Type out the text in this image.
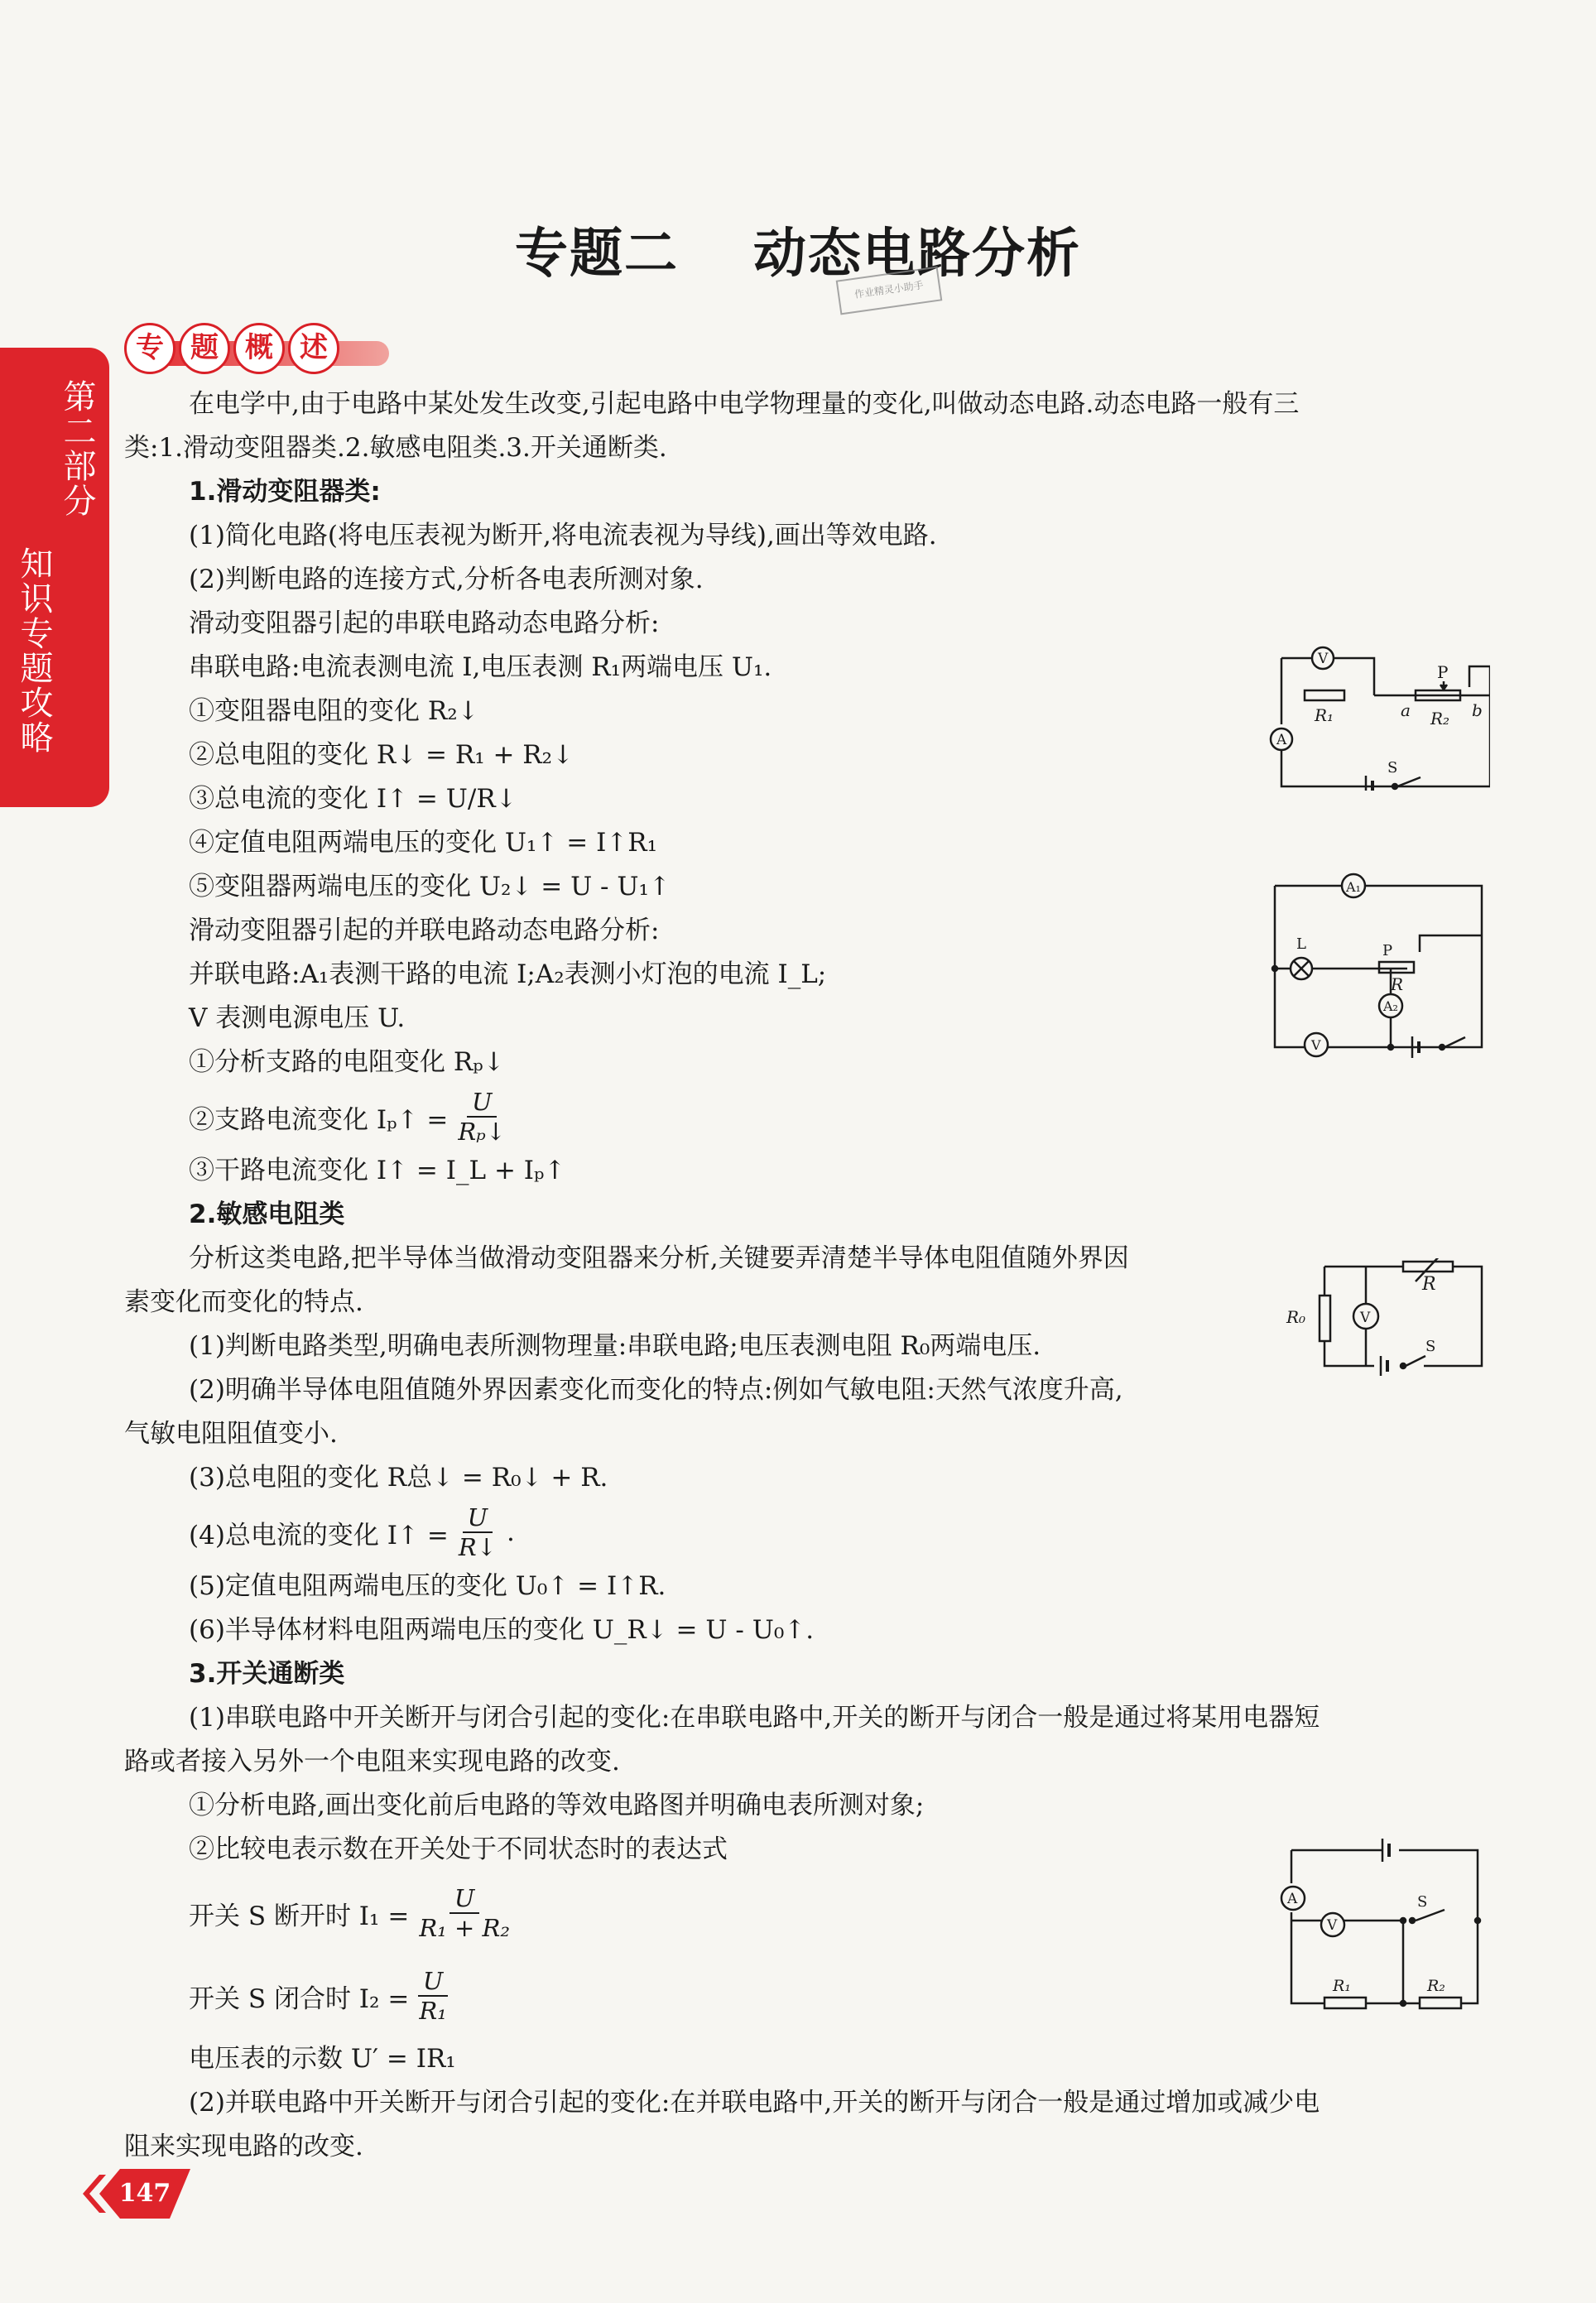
专题二 动态电路分析
作业精灵小助手
第二部分
知识专题攻略
专 题 概 述
在电学中,由于电路中某处发生改变,引起电路中电学物理量的变化,叫做动态电路.动态电路一般有三
类:1.滑动变阻器类.2.敏感电阻类.3.开关通断类.
1.滑动变阻器类:
(1)简化电路(将电压表视为断开,将电流表视为导线),画出等效电路.
(2)判断电路的连接方式,分析各电表所测对象.
滑动变阻器引起的串联电路动态电路分析:
串联电路:电流表测电流 I,电压表测 R₁两端电压 U₁.
①变阻器电阻的变化 R₂↓
②总电阻的变化 R↓ = R₁ + R₂↓
③总电流的变化 I↑ = U/R↓
④定值电阻两端电压的变化 U₁↑ = I↑R₁
⑤变阻器两端电压的变化 U₂↓ = U - U₁↑
滑动变阻器引起的并联电路动态电路分析:
并联电路:A₁表测干路的电流 I;A₂表测小灯泡的电流 I_L;
V 表测电源电压 U.
①分析支路的电阻变化 Rₚ↓
②支路电流变化 Iₚ↑ = $\frac{U}{\text{Rₚ↓}}$
③干路电流变化 I↑ = I_L + Iₚ↑
2.敏感电阻类
分析这类电路,把半导体当做滑动变阻器来分析,关键要弄清楚半导体电阻值随外界因
素变化而变化的特点.
(1)判断电路类型,明确电表所测物理量:串联电路;电压表测电阻 R₀两端电压.
(2)明确半导体电阻值随外界因素变化而变化的特点:例如气敏电阻:天然气浓度升高,
气敏电阻阻值变小.
(3)总电阻的变化 R总↓ = R₀↓ + R.
(4)总电流的变化 I↑ = $\frac{U}{R↓}$ .
(5)定值电阻两端电压的变化 U₀↑ = I↑R.
(6)半导体材料电阻两端电压的变化 U_R↓ = U - U₀↑.
3.开关通断类
(1)串联电路中开关断开与闭合引起的变化:在串联电路中,开关的断开与闭合一般是通过将某用电器短
路或者接入另外一个电阻来实现电路的改变.
①分析电路,画出变化前后电路的等效电路图并明确电表所测对象;
②比较电表示数在开关处于不同状态时的表达式
开关 S 断开时 $I_1 = \frac{U}{\text{R₁ + R₂}}$
开关 S 闭合时 $I_2 = \frac{U}{\text{R₁}}$
电压表的示数 U′ = IR₁
(2)并联电路中开关断开与闭合引起的变化:在并联电路中,开关的断开与闭合一般是通过增加或减少电
阻来实现电路的改变.
V
A
P
R₁	a R₂ b
S
A₁
L	P
R
A₂
V
R
R₀	V
S
A
V
S
R₁	R₂
147
